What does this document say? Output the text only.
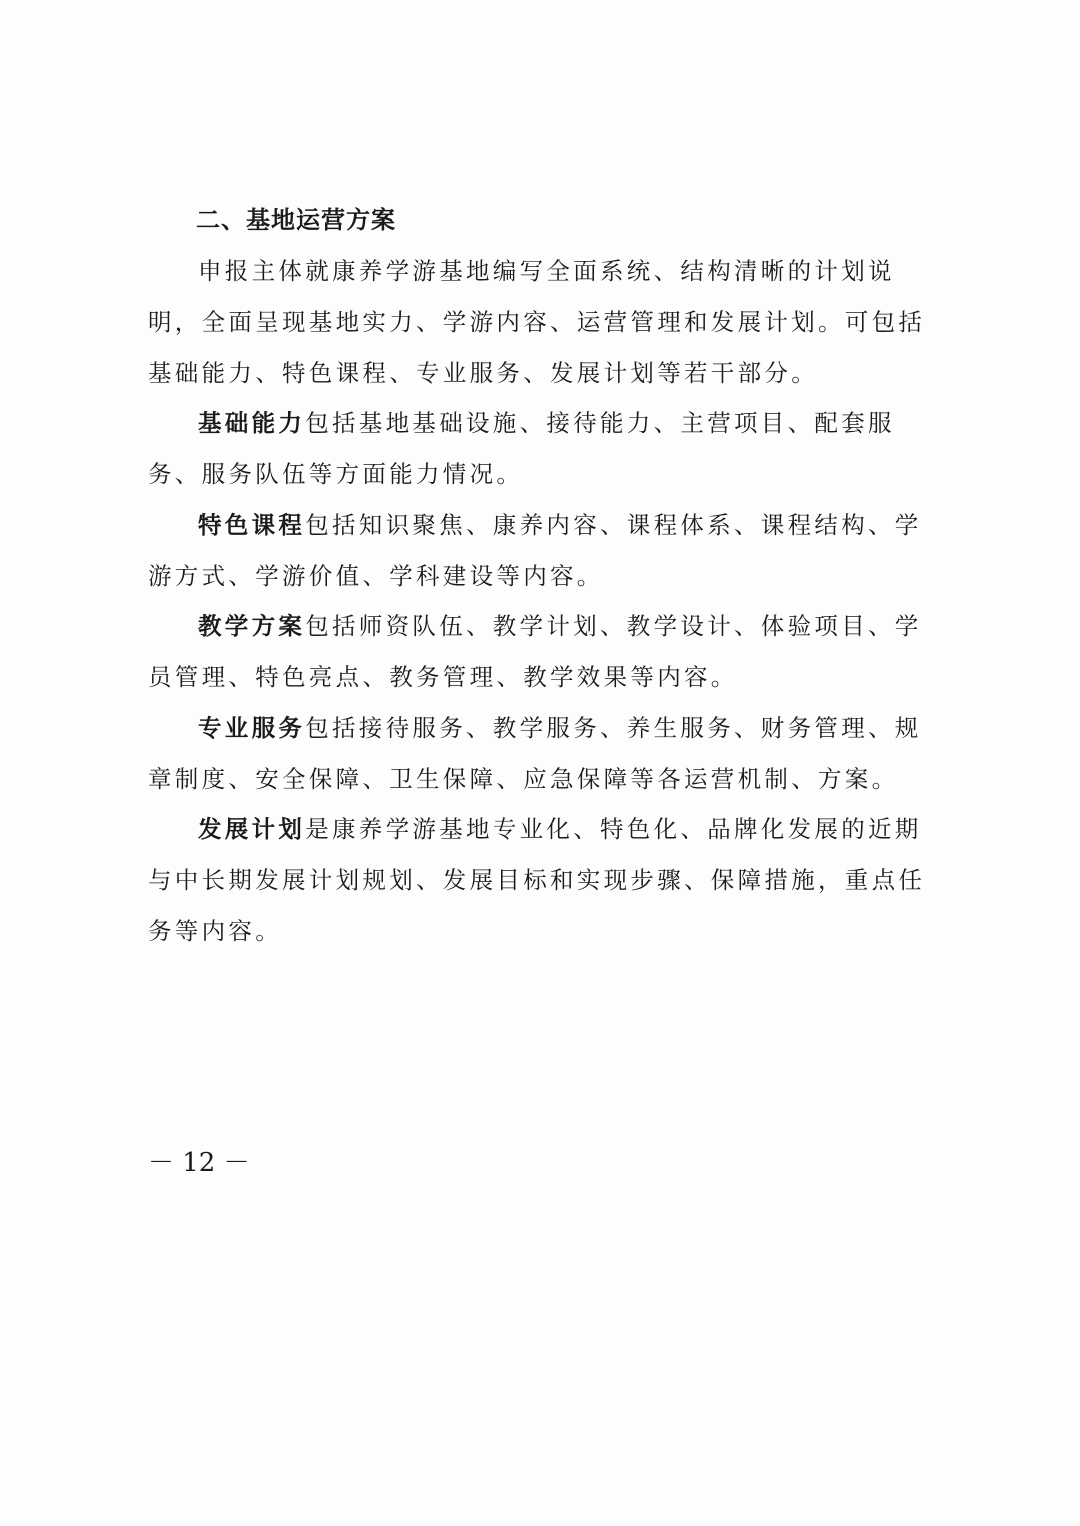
二、基地运营方案

申报主体就康养学游基地编写全面系统、结构清晰的计划说明，全面呈现基地实力、学游内容、运营管理和发展计划。可包括基础能力、特色课程、专业服务、发展计划等若干部分。

基础能力包括基地基础设施、接待能力、主营项目、配套服务、服务队伍等方面能力情况。

特色课程包括知识聚焦、康养内容、课程体系、课程结构、学游方式、学游价值、学科建设等内容。

教学方案包括师资队伍、教学计划、教学设计、体验项目、学员管理、特色亮点、教务管理、教学效果等内容。

专业服务包括接待服务、教学服务、养生服务、财务管理、规章制度、安全保障、卫生保障、应急保障等各运营机制、方案。

发展计划是康养学游基地专业化、特色化、品牌化发展的近期与中长期发展计划规划、发展目标和实现步骤、保障措施，重点任务等内容。

－ 12 －
